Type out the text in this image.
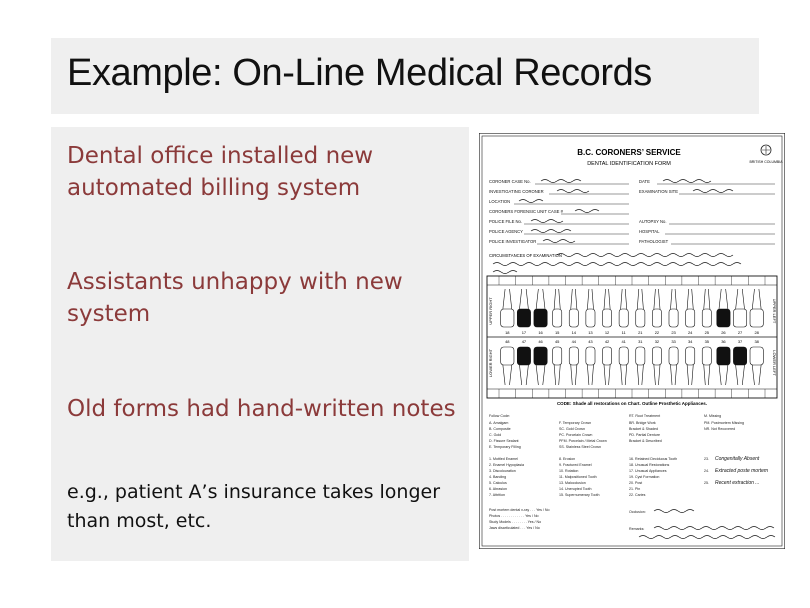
Example: On-Line Medical Records
Dental office installed new automated billing system
Assistants unhappy with new system
Old forms had hand-written notes
e.g., patient A’s insurance takes longer than most, etc.
B.C. CORONERS’ SERVICE
DENTAL IDENTIFICATION FORM	BRITISH COLUMBIA
CORONER CASE No.
INVESTIGATING CORONER
LOCATION
CORONERS FORENSIC UNIT CASE #
POLICE FILE No.
POLICE AGENCY
POLICE INVESTIGATOR
DATE
EXAMINATION SITE
AUTOPSY No.
HOSPITAL
PATHOLOGIST
CIRCUMSTANCES OF EXAMINATION
UPPER RIGHT
LOWER RIGHT
UPPER LEFT
LOWER LEFT
18
48
17
47
16
46
15
45
14
44
13
43
12
42
11
41
21
31
22
32
23
33
24
34
25
35
26
36
27
37
28
38
CODE: Shade all restorations on Chart. Outline Prosthetic Appliances.
Follow Code:
A. Amalgam
B. Composite
C. Gold
D. Fissure Sealant
E. Temporary Filling
1. Mottled Enamel
2. Enamel Hypoplasia
3. Discolouration
4. Banding
5. Calculus
6. Abrasion
7. Attrition
F. Temporary Crown
SC. Gold Crown
PC. Porcelain Crown
PFM. Porcelain / Metal Crown
SS. Stainless Steel Crown
8. Erosion
9. Fractured Enamel
10. Rotation
11. Malpositioned Tooth
13. Malocclusion
14. Unerupted Tooth
15. Supernumerary Tooth
RT. Root Treatment
BR. Bridge Work
Bracket & Shaded
PD. Partial Denture
Bracket & Described
16. Retained Deciduous Tooth
18. Unusual Restorations
17. Unusual Appliances
19. Cyst Formation
20. Post
21. Pin
22. Caries
M. Missing
PM. Postmortem Missing
NR. Not Recovered
23.
24.
25.
Congenitally Absent
Extracted poste mortem
Recent extraction ...
Post mortem dental x-ray . . . Yes / No
Photos . . . . . . . . . . . . Yes / No
Study Models . . . . . . . . Yes / No
Jaws disarticulated . . . Yes / No
Occlusion:
Remarks:
